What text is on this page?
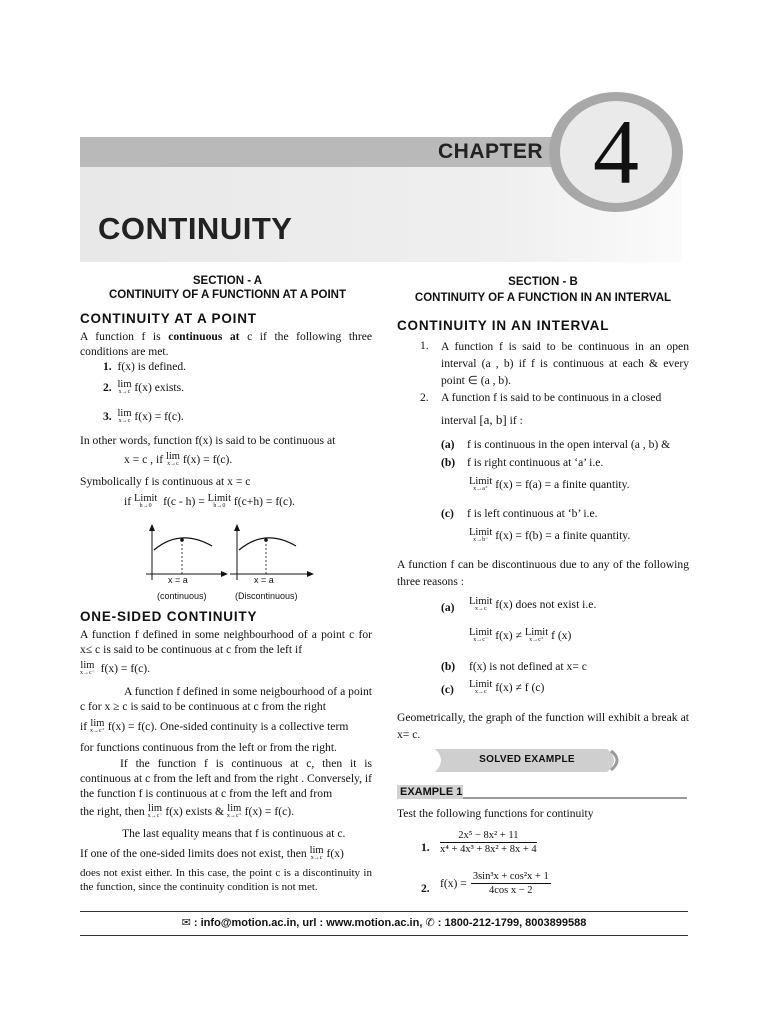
CHAPTER 4
CONTINUITY
SECTION - A
CONTINUITY OF A FUNCTIONN AT A POINT
CONTINUITY AT A POINT
A function f is continuous at c if the following three conditions are met.
1. f(x) is defined.
2. lim
x→c f(x) exists.
3. lim
x→c f(x) = f(c).
In other words, function f(x) is said to be continuous at
x = c , if lim
x→c f(x) = f(c).
Symbolically f is continuous at x = c
if Limit
h→0 f(c - h) = Limit
h→0 f(c+h) = f(c).
x = a	x = a
(continuous)	(Discontinuous)
ONE-SIDED CONTINUITY
A function f defined in some neighbourhood of a point c for x≤ c is said to be continuous at c from the left if
lim
x→c⁻ f(x) = f(c).
A function f defined in some neigbourhood of a point c for x ≥ c is said to be continuous at c from the right
if lim
x→c⁺ f(x) = f(c). One-sided continuity is a collective term
for functions continuous from the left or from the right.
If the function f is continuous at c, then it is continuous at c from the left and from the right . Conversely, if the function f is continuous at c from the left and from
the right, then lim
x→c⁻ f(x) exists & lim
x→c⁺ f(x) = f(c).
The last equality means that f is continuous at c.
If one of the one-sided limits does not exist, then lim
x→c f(x)
does not exist either. In this case, the point c is a discontinuity in the function, since the continuity condition is not met.
SECTION - B
CONTINUITY OF A FUNCTION IN AN INTERVAL
CONTINUITY IN AN INTERVAL
1. A function f is said to be continuous in an open interval (a , b) if f is continuous at each & every point ∈ (a , b).
2. A function f is said to be continuous in a closed
interval [a, b] if :
(a) f is continuous in the open interval (a , b) &
(b) f is right continuous at ‘a’ i.e.
Limit
x→a⁺ f(x) = f(a) = a finite quantity.
(c) f is left continuous at ‘b’ i.e.
Limit
x→b⁻ f(x) = f(b) = a finite quantity.
A function f can be discontinuous due to any of the following three reasons :
(a) Limit
x→c f(x) does not exist i.e.
Limit
x→c⁻ f(x) ≠ Limit
x→c⁺ f (x)
(b) f(x) is not defined at x= c
(c) Limit
x→c f(x) ≠ f (c)
Geometrically, the graph of the function will exhibit a break at x= c.
SOLVED EXAMPLE
EXAMPLE 1
Test the following functions for continuity
1. $\frac{\text{2x⁵ − 8x² + 11}}{\text{x⁴ + 4x³ + 8x² + 8x + 4}}$
2. $f(x) = \frac{\text{3sin³x + cos²x + 1}}{\text{4cos x − 2}}$
✉ : info@motion.ac.in, url : www.motion.ac.in, ✆ : 1800-212-1799, 8003899588
